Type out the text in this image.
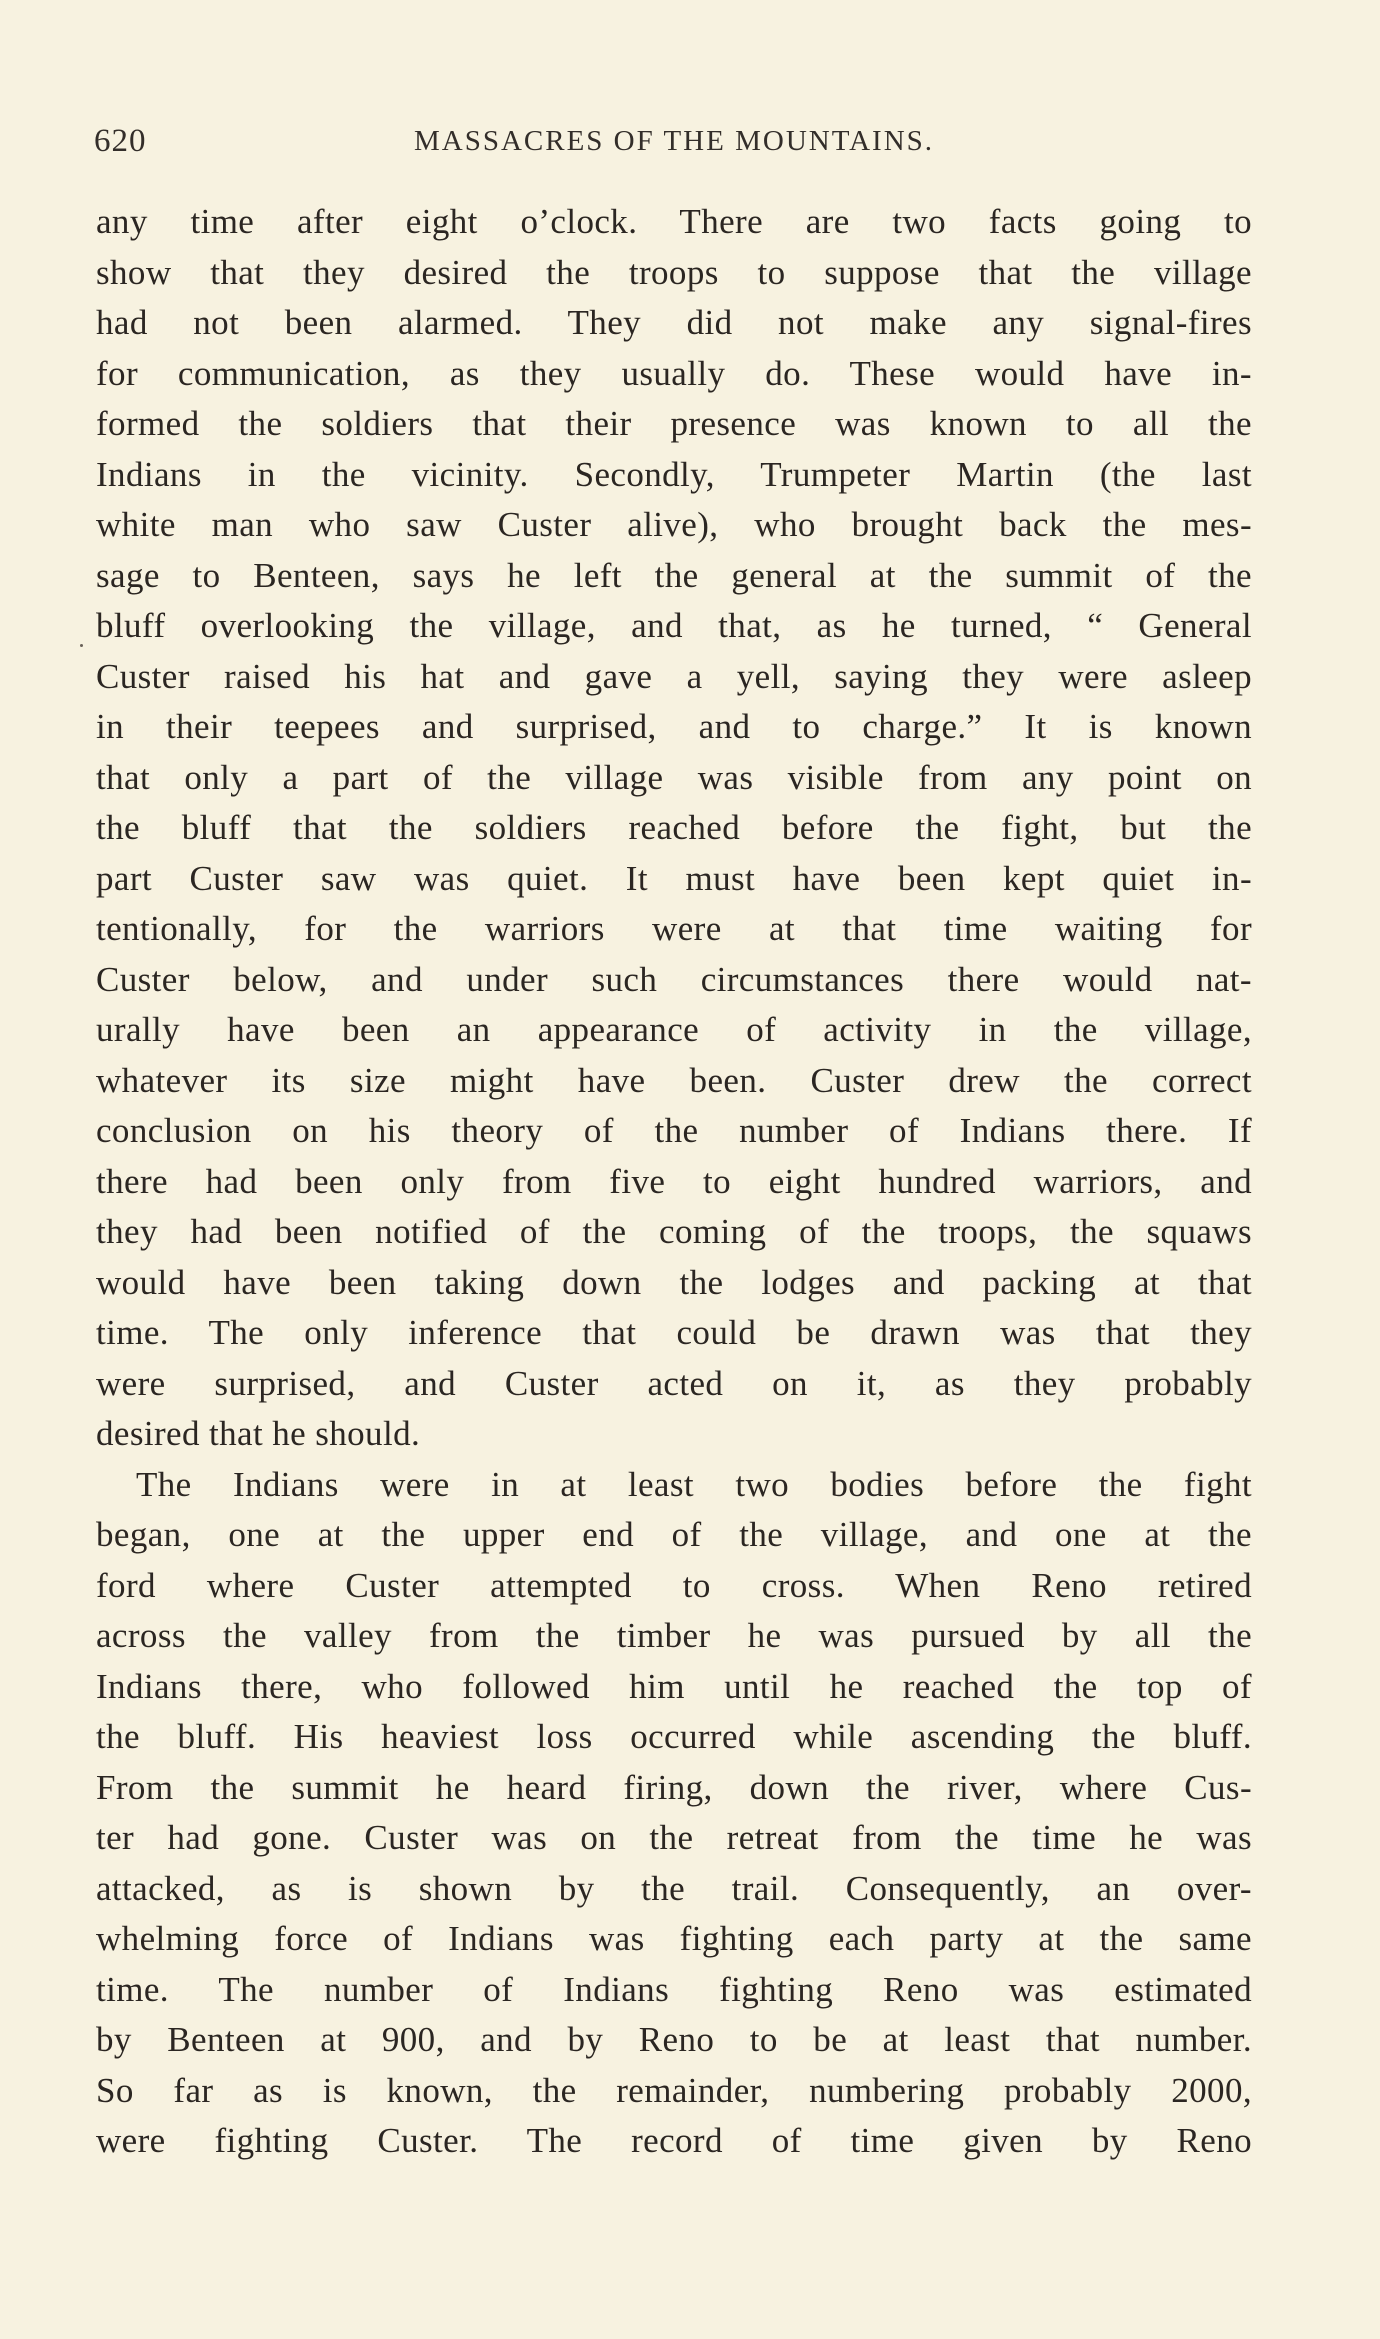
620	MASSACRES OF THE MOUNTAINS.
any time after eight o’clock. There are two facts going to
show that they desired the troops to suppose that the village
had not been alarmed. They did not make any signal-fires
for communication, as they usually do. These would have in-
formed the soldiers that their presence was known to all the
Indians in the vicinity. Secondly, Trumpeter Martin (the last
white man who saw Custer alive), who brought back the mes-
sage to Benteen, says he left the general at the summit of the
bluff overlooking the village, and that, as he turned, “ General
Custer raised his hat and gave a yell, saying they were asleep
in their teepees and surprised, and to charge.” It is known
that only a part of the village was visible from any point on
the bluff that the soldiers reached before the fight, but the
part Custer saw was quiet. It must have been kept quiet in-
tentionally, for the warriors were at that time waiting for
Custer below, and under such circumstances there would nat-
urally have been an appearance of activity in the village,
whatever its size might have been. Custer drew the correct
conclusion on his theory of the number of Indians there. If
there had been only from five to eight hundred warriors, and
they had been notified of the coming of the troops, the squaws
would have been taking down the lodges and packing at that
time. The only inference that could be drawn was that they
were surprised, and Custer acted on it, as they probably
desired that he should.
The Indians were in at least two bodies before the fight
began, one at the upper end of the village, and one at the
ford where Custer attempted to cross. When Reno retired
across the valley from the timber he was pursued by all the
Indians there, who followed him until he reached the top of
the bluff. His heaviest loss occurred while ascending the bluff.
From the summit he heard firing, down the river, where Cus-
ter had gone. Custer was on the retreat from the time he was
attacked, as is shown by the trail. Consequently, an over-
whelming force of Indians was fighting each party at the same
time. The number of Indians fighting Reno was estimated
by Benteen at 900, and by Reno to be at least that number.
So far as is known, the remainder, numbering probably 2000,
were fighting Custer. The record of time given by Reno
